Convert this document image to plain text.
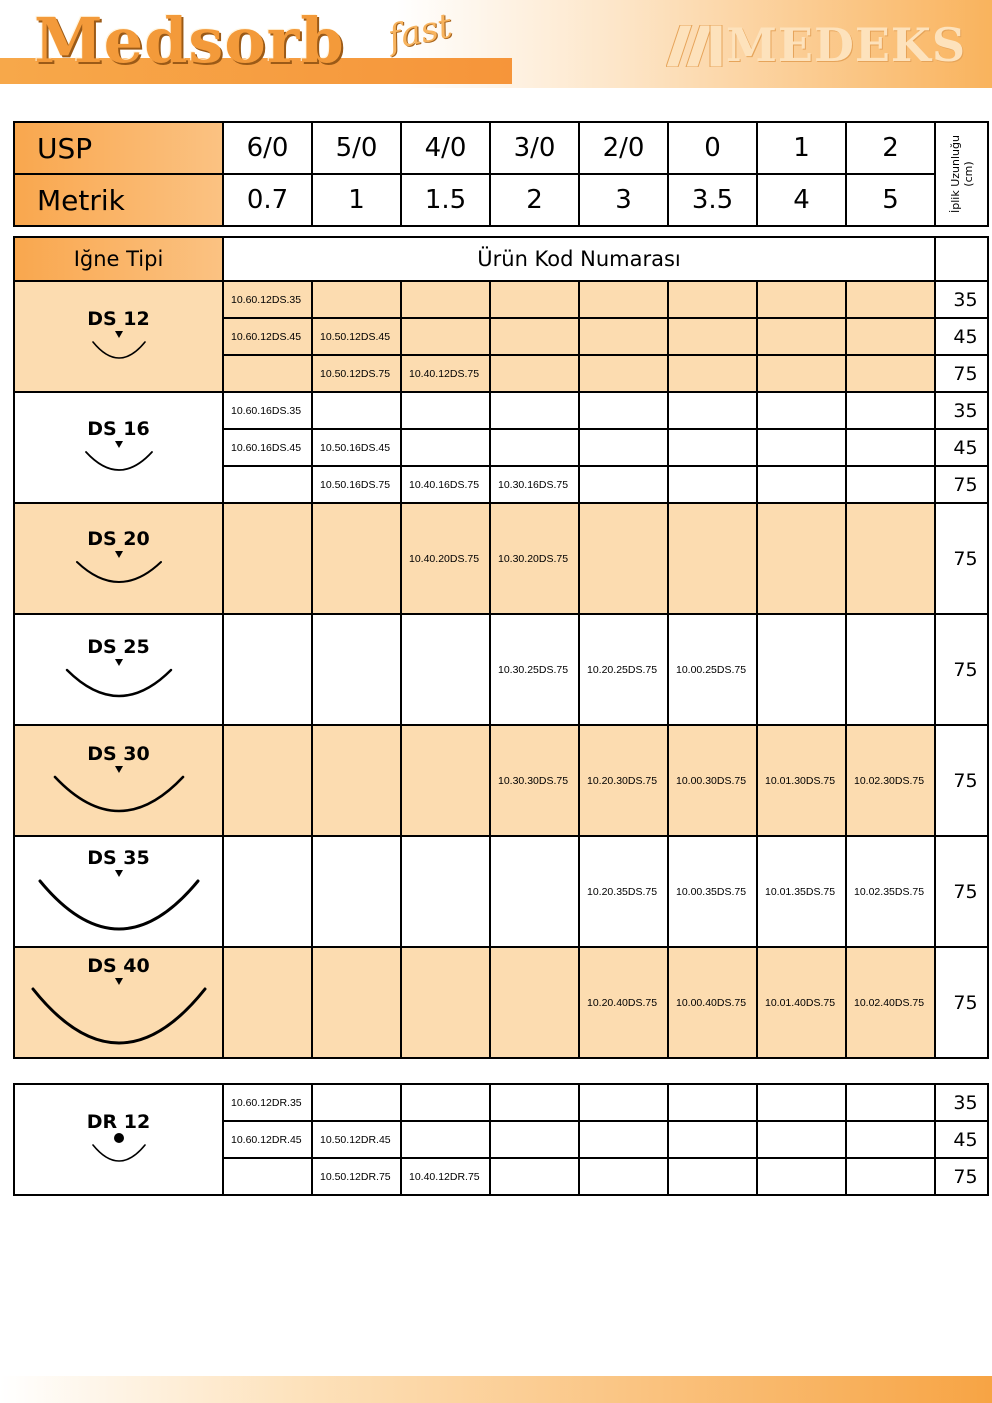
Medsorb fast	MEDEKS
USP	6/0	5/0	4/0	3/0	2/0	0	1	2	İplik Uzunluğu
(cm)

Metrik	0.7	1	1.5	2	3	3.5	4	5	
Iğne Tipi	Ürün Kod Numarası								

DS 12	10.60.12DS.35								35
	10.60.12DS.45	10.50.12DS.45							45
		10.50.12DS.75	10.40.12DS.75						75

DS 16	10.60.16DS.35								35
	10.60.16DS.45	10.50.16DS.45							45
		10.50.16DS.75	10.40.16DS.75	10.30.16DS.75					75

DS 20			10.40.20DS.75	10.30.20DS.75					75

DS 25				10.30.25DS.75	10.20.25DS.75	10.00.25DS.75			75

DS 30				10.30.30DS.75	10.20.30DS.75	10.00.30DS.75	10.01.30DS.75	10.02.30DS.75	75

DS 35					10.20.35DS.75	10.00.35DS.75	10.01.35DS.75	10.02.35DS.75	75

DS 40					10.20.40DS.75	10.00.40DS.75	10.01.40DS.75	10.02.40DS.75	75
DR 12	10.60.12DR.35								35
	10.60.12DR.45	10.50.12DR.45							45
		10.50.12DR.75	10.40.12DR.75						75
